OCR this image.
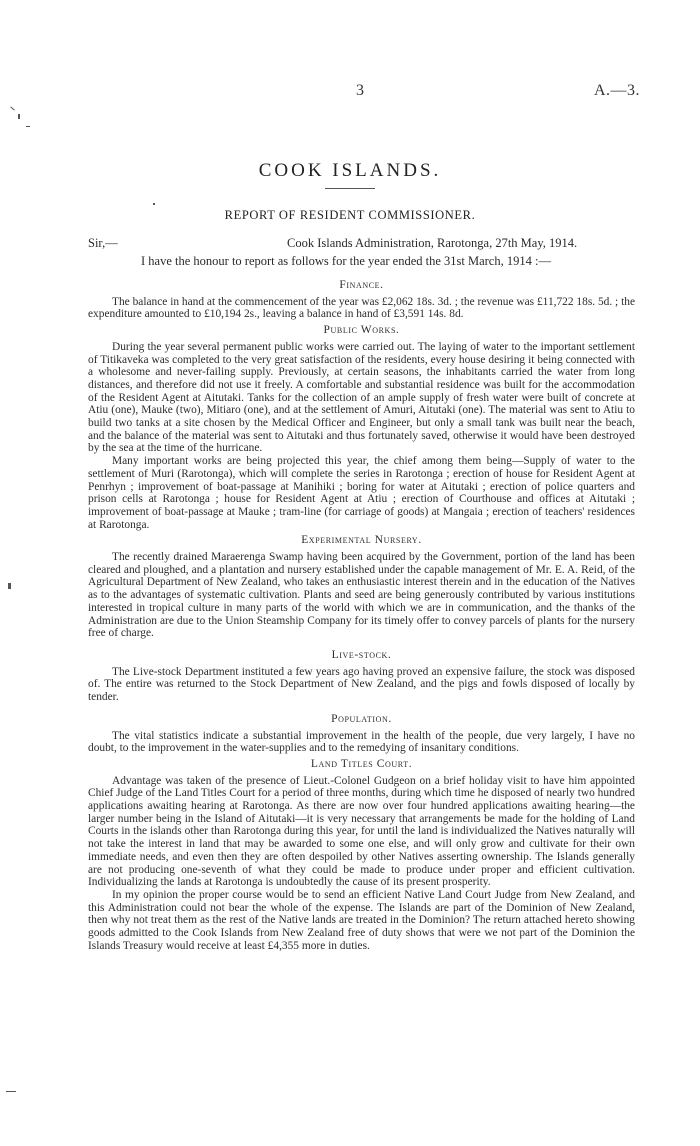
3	A.—3.
COOK ISLANDS.
REPORT OF RESIDENT COMMISSIONER.
Sir,—	Cook Islands Administration, Rarotonga, 27th May, 1914.
I have the honour to report as follows for the year ended the 31st March, 1914 :—
Finance.

The balance in hand at the commencement of the year was £2,062 18s. 3d. ; the revenue was £11,722 18s. 5d. ; the expenditure amounted to £10,194 2s., leaving a balance in hand of £3,591 14s. 8d.

Public Works.

During the year several permanent public works were carried out. The laying of water to the important settlement of Titikaveka was completed to the very great satisfaction of the residents, every house desiring it being connected with a wholesome and never-failing supply. Previously, at certain seasons, the inhabitants carried the water from long distances, and therefore did not use it freely. A comfortable and substantial residence was built for the accommodation of the Resident Agent at Aitutaki. Tanks for the collection of an ample supply of fresh water were built of concrete at Atiu (one), Mauke (two), Mitiaro (one), and at the settlement of Amuri, Aitutaki (one). The material was sent to Atiu to build two tanks at a site chosen by the Medical Officer and Engineer, but only a small tank was built near the beach, and the balance of the material was sent to Aitutaki and thus fortunately saved, otherwise it would have been destroyed by the sea at the time of the hurricane.

Many important works are being projected this year, the chief among them being—Supply of water to the settlement of Muri (Rarotonga), which will complete the series in Rarotonga ; erection of house for Resident Agent at Penrhyn ; improvement of boat-passage at Manihiki ; boring for water at Aitutaki ; erection of police quarters and prison cells at Rarotonga ; house for Resident Agent at Atiu ; erection of Courthouse and offices at Aitutaki ; improvement of boat-passage at Mauke ; tram-line (for carriage of goods) at Mangaia ; erection of teachers' residences at Rarotonga.

Experimental Nursery.

The recently drained Maraerenga Swamp having been acquired by the Government, portion of the land has been cleared and ploughed, and a plantation and nursery established under the capable management of Mr. E. A. Reid, of the Agricultural Department of New Zealand, who takes an enthusiastic interest therein and in the education of the Natives as to the advantages of systematic cultivation. Plants and seed are being generously contributed by various institutions interested in tropical culture in many parts of the world with which we are in communication, and the thanks of the Administration are due to the Union Steamship Company for its timely offer to convey parcels of plants for the nursery free of charge.

Live-stock.

The Live-stock Department instituted a few years ago having proved an expensive failure, the stock was disposed of. The entire was returned to the Stock Department of New Zealand, and the pigs and fowls disposed of locally by tender.

Population.

The vital statistics indicate a substantial improvement in the health of the people, due very largely, I have no doubt, to the improvement in the water-supplies and to the remedying of insanitary conditions.

Land Titles Court.

Advantage was taken of the presence of Lieut.-Colonel Gudgeon on a brief holiday visit to have him appointed Chief Judge of the Land Titles Court for a period of three months, during which time he disposed of nearly two hundred applications awaiting hearing at Rarotonga. As there are now over four hundred applications awaiting hearing—the larger number being in the Island of Aitutaki—it is very necessary that arrangements be made for the holding of Land Courts in the islands other than Rarotonga during this year, for until the land is individualized the Natives naturally will not take the interest in land that may be awarded to some one else, and will only grow and cultivate for their own immediate needs, and even then they are often despoiled by other Natives asserting ownership. The Islands generally are not producing one-seventh of what they could be made to produce under proper and efficient cultivation. Individualizing the lands at Rarotonga is undoubtedly the cause of its present prosperity.

In my opinion the proper course would be to send an efficient Native Land Court Judge from New Zealand, and this Administration could not bear the whole of the expense. The Islands are part of the Dominion of New Zealand, then why not treat them as the rest of the Native lands are treated in the Dominion? The return attached hereto showing goods admitted to the Cook Islands from New Zealand free of duty shows that were we not part of the Dominion the Islands Treasury would receive at least £4,355 more in duties.
